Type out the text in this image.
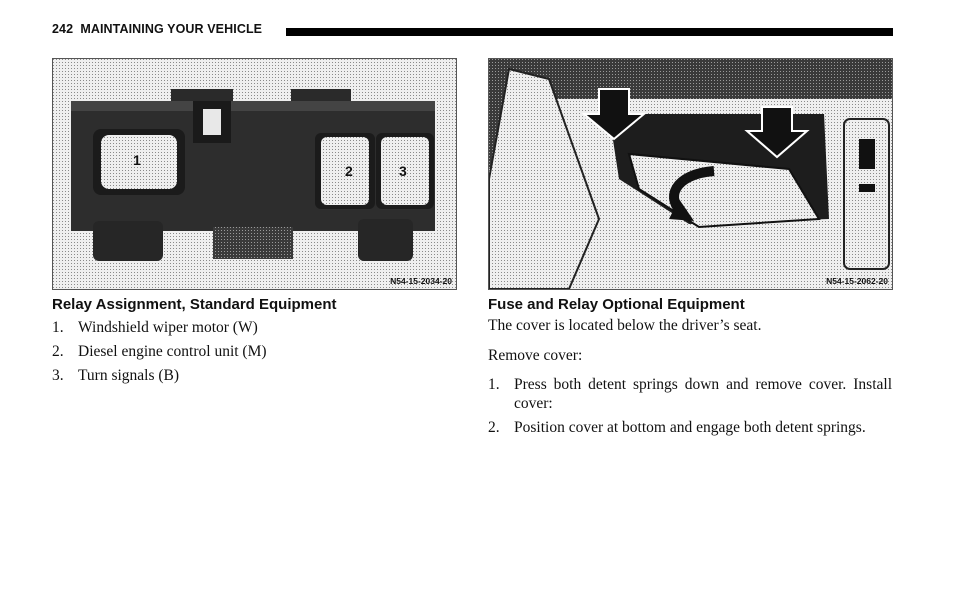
242 MAINTAINING YOUR VEHICLE
1
2	3
N54-15-2034-20	N54-15-2062-20
Relay Assignment, Standard Equipment
1. Windshield wiper motor (W)
2. Diesel engine control unit (M)
3. Turn signals (B)
Fuse and Relay Optional Equipment
The cover is located below the driver’s seat.
Remove cover:
1. Press both detent springs down and remove cover. Install cover:
2. Position cover at bottom and engage both detent springs.
